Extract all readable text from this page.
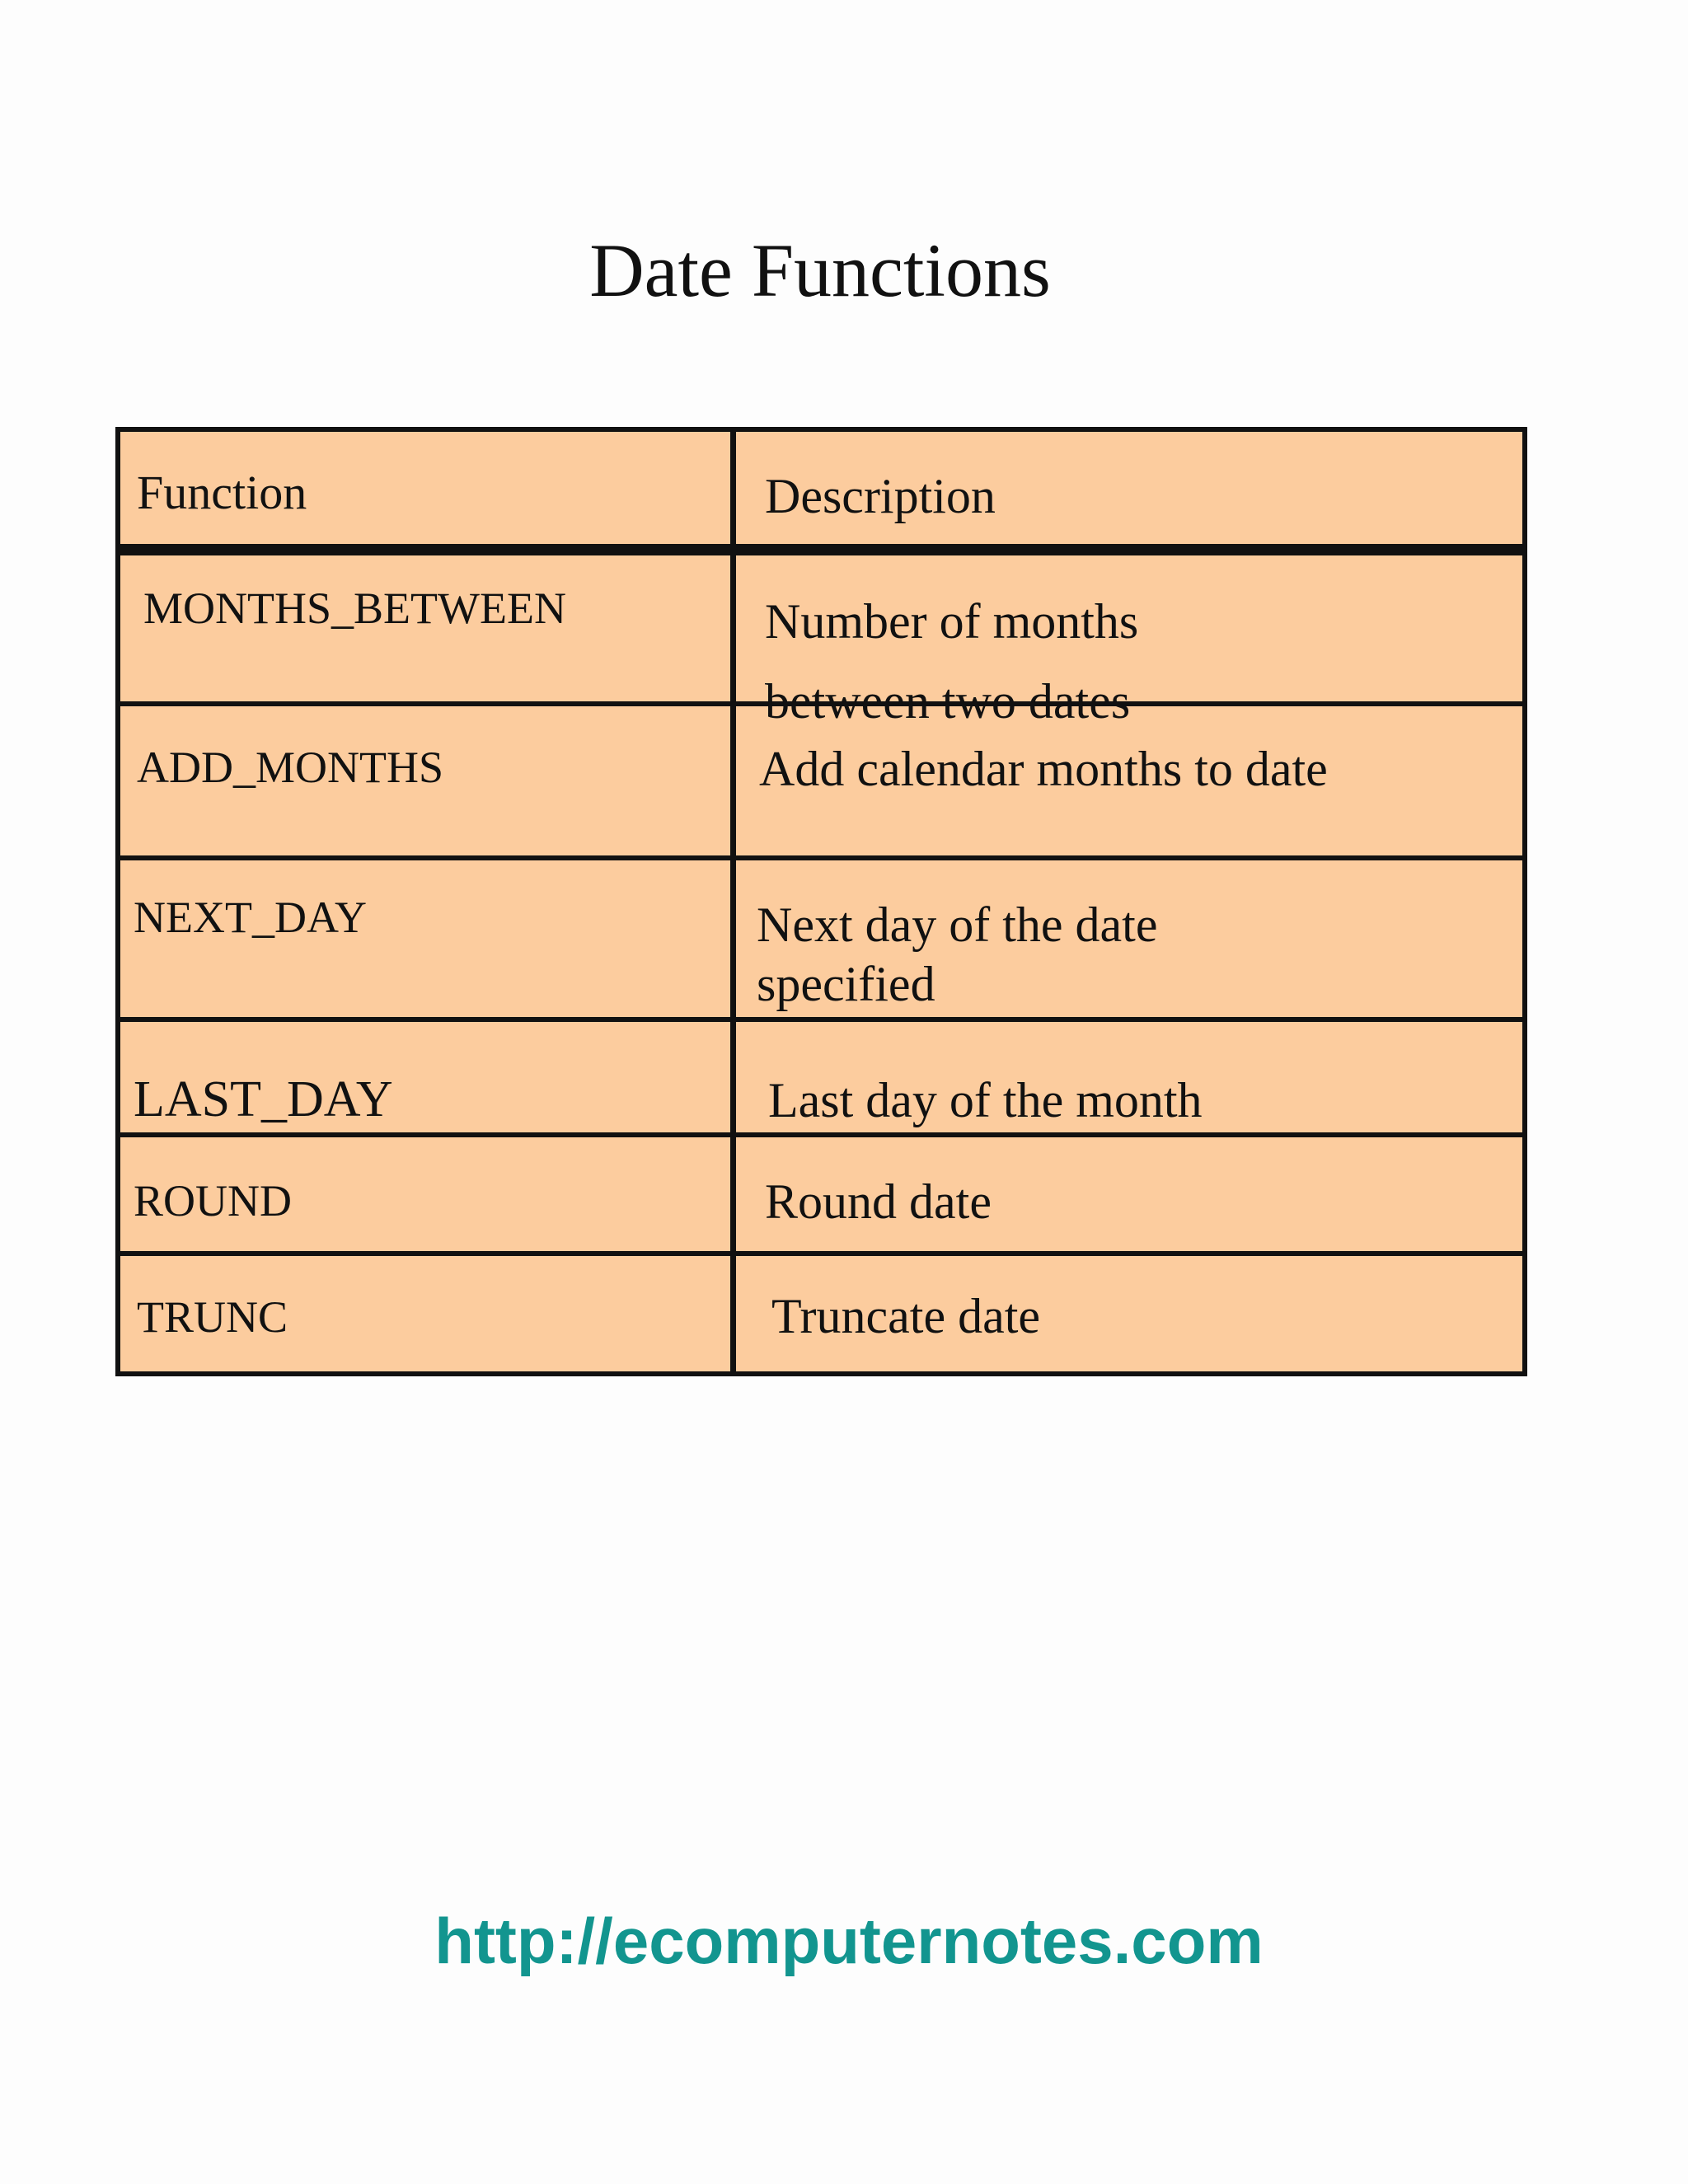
Date Functions
Function	Description
MONTHS_BETWEEN	Number of months between two dates
ADD_MONTHS	Add calendar months to date
NEXT_DAY	Next day of the date specified
LAST_DAY	Last day of the month
ROUND	Round date
TRUNC	Truncate date
http://ecomputernotes.com
